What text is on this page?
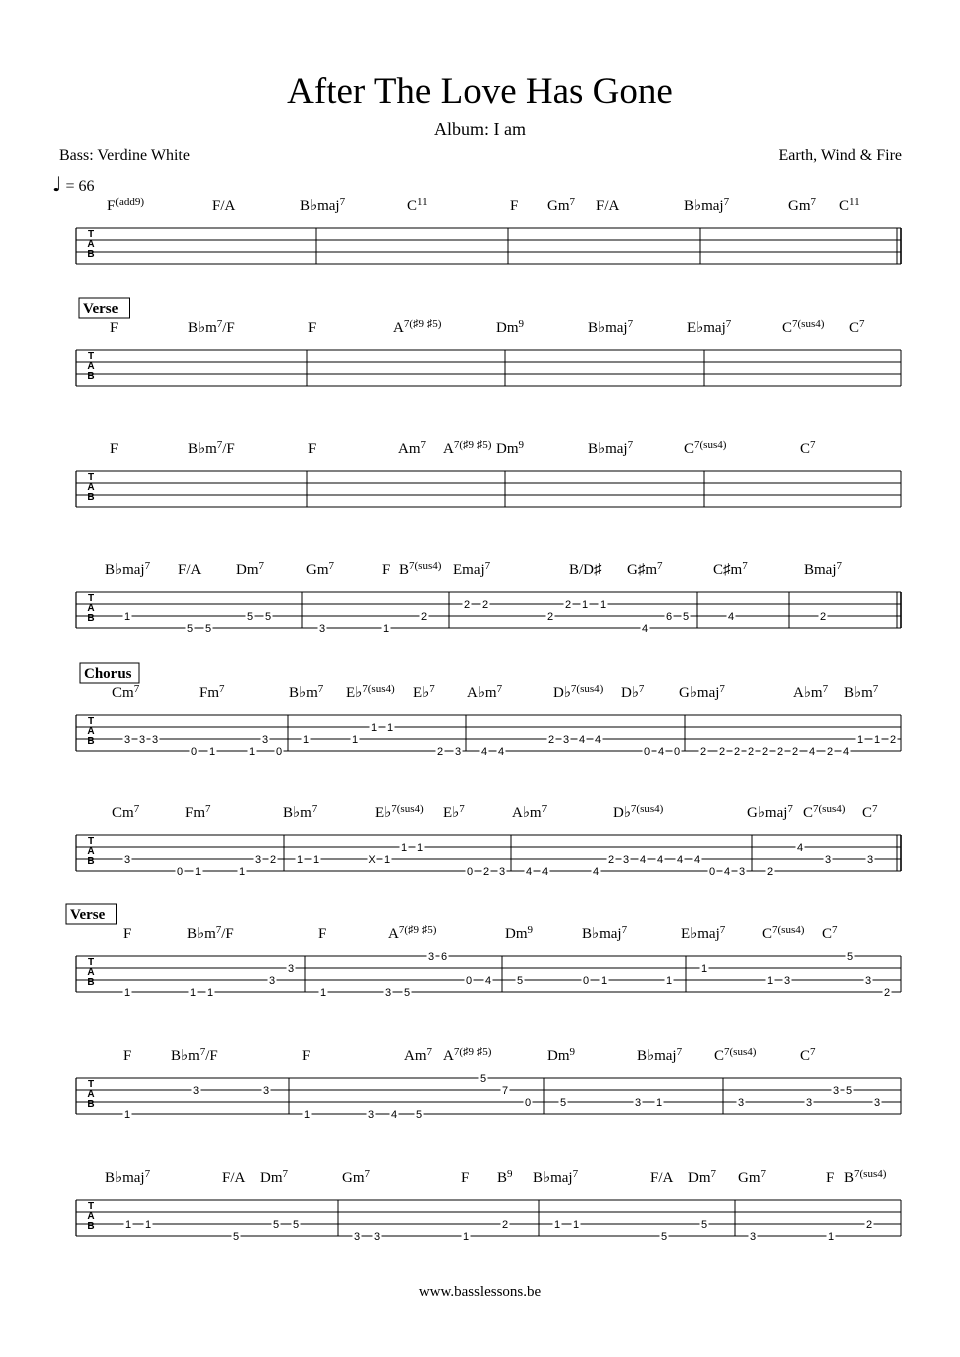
After The Love Has Gone
Album: I am
Bass: Verdine White	Earth, Wind & Fire
♩ = 66
T
A
B
$F^{(add9)}$	F/A	B♭maj$^7$	$C^{11}$	F Gm$^7$ F/A	B♭maj$^7$	Gm$^7$ $C^{11}$
T
A
B
Verse
F	$B♭m^7/F$	F	$A^{7(♯9 ♯5)}$	Dm$^9$	B♭maj$^7$	E♭maj$^7$	$C^{7(sus4)}$ $C^7$
T
A
B
F	$B♭m^7/F$	F	Am$^7$ $A^{7(♯9 ♯5)}$ Dm$^9$	B♭maj$^7$	$C^{7(sus4)}$	$C^7$
T
A
B
B♭maj$^7$ F/A Dm$^7$	Gm$^7$	F $B^{7(sus4)}$ Emaj$^7$	B/D♯ $G♯m^7$	$C♯m^7$	Bmaj$^7$
1
5 5
5 5
3	1
2
2 2
2
2 1 1
4
6 5	4	2
T
A
B
Chorus
Cm$^7$	Fm$^7$	$B♭m^7$ E♭$^{7(sus4)}$ E♭$^7$ $A♭m^7$	D♭$^{7(sus4)}$ D♭$^7$ G♭maj$^7$	$A♭m^7$ $B♭m^7$
3 3 3
0 1	1
3
0
1	1
1 1
2 3 4 4
2 3 4 4
0 4 0 2 2 2 2 2 2 2 4 2 4
1 1 2
T
A
B
Cm$^7$	Fm$^7$	$B♭m^7$	E♭$^{7(sus4)}$ E♭$^7$	$A♭m^7$	D♭$^{7(sus4)}$	G♭maj$^7$ $C^{7(sus4)}$ $C^7$
3
0 1	1
3 2 1 1	X 1
1 1
0 2 3 4 4	4
2 3 4 4 4 4
0 4 3 2
4
3	3
T
A
B
Verse
F	$B♭m^7/F$	F	$A^{7(♯9 ♯5)}$	Dm$^9$	B♭maj$^7$	E♭maj$^7$ $C^{7(sus4)}$ $C^7$
1	1 1
3
3
1	3 5
3 6
0 4 5	0 1	1
1
1 3
5
3
2
T
A
B
F	$B♭m^7/F$	F	Am$^7$ $A^{7(♯9 ♯5)}$	Dm$^9$	B♭maj$^7$ $C^{7(sus4)}$	$C^7$
1
3	3
1	3 4 5
5
7
0	5	3 1	3	3
3 5
3
T
A
B
B♭maj$^7$	F/A Dm$^7$	Gm$^7$	F $B^9$ B♭maj$^7$	F/A Dm$^7$ Gm$^7$	F $B^{7(sus4)}$
1 1
5
5 5
3 3	1
2	1 1
5
5
3	1
2
www.basslessons.be
